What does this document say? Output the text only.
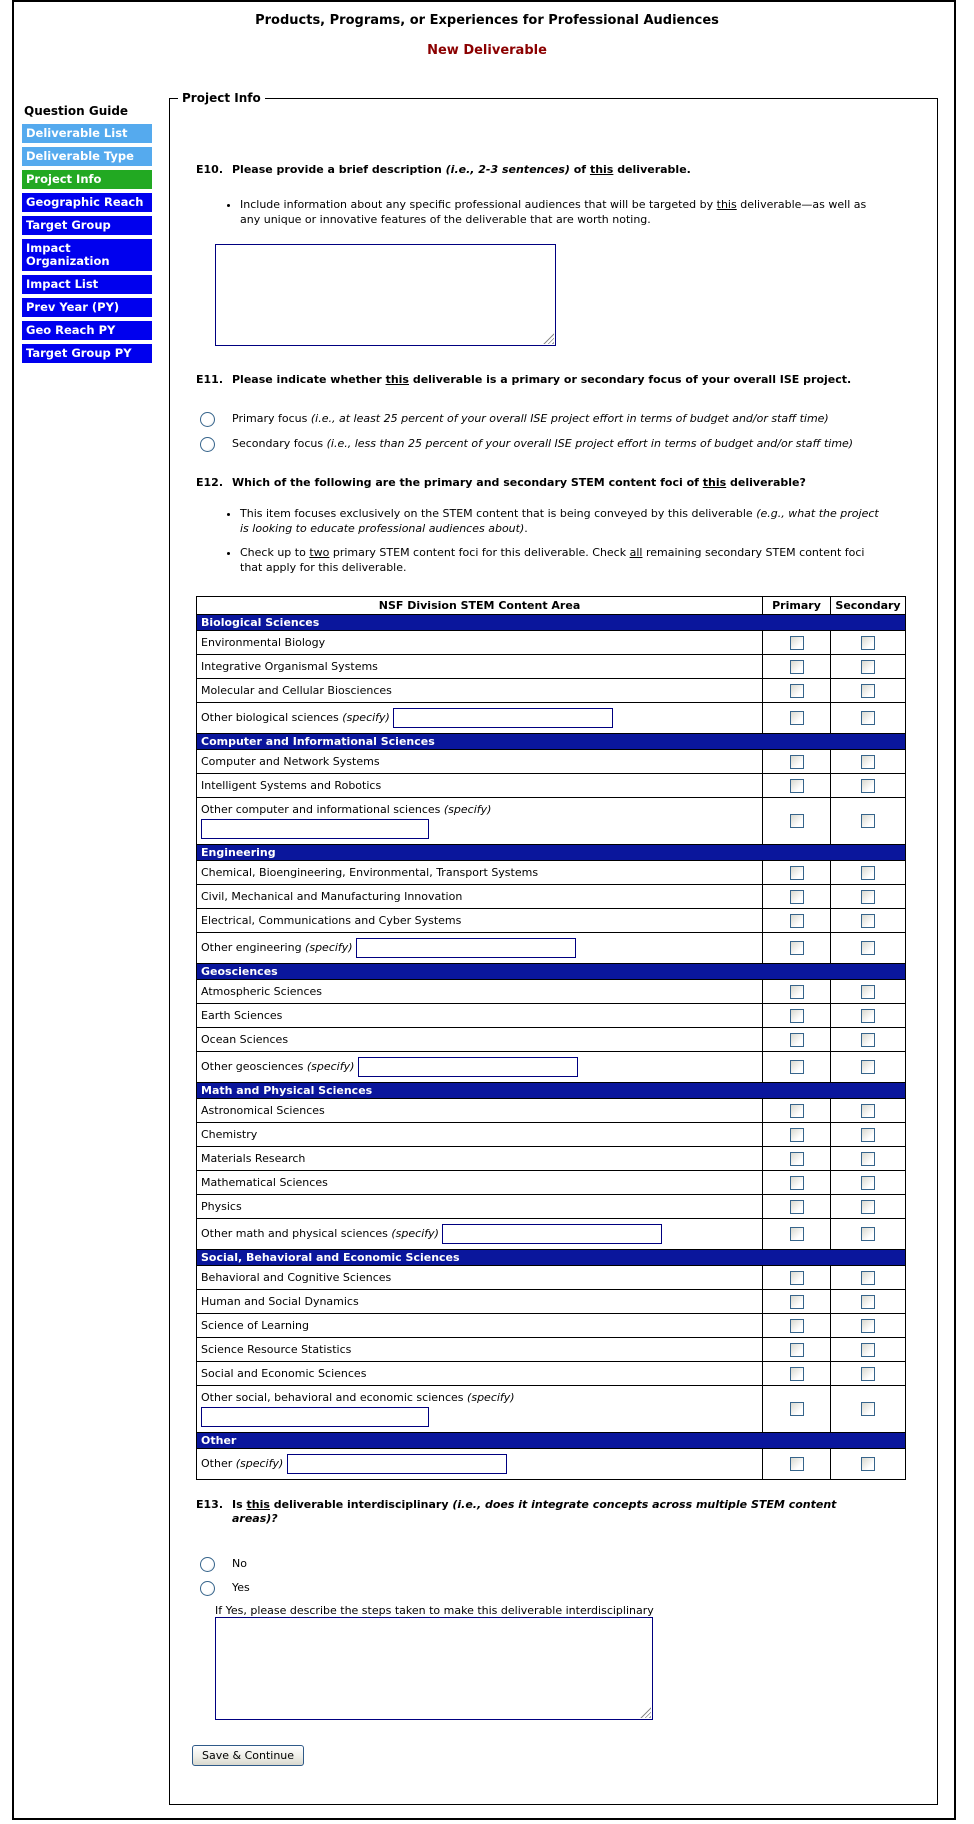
Products, Programs, or Experiences for Professional Audiences
New Deliverable
Question Guide
Deliverable List
Deliverable Type
Project Info
Geographic Reach
Target Group
Impact Organization
Impact List
Prev Year (PY)
Geo Reach PY
Target Group PY
Project Info
E10. Please provide a brief description (i.e., 2-3 sentences) of this deliverable.
• Include information about any specific professional audiences that will be targeted by this deliverable—as well as any unique or innovative features of the deliverable that are worth noting.
E11. Please indicate whether this deliverable is a primary or secondary focus of your overall ISE project.
Primary focus (i.e., at least 25 percent of your overall ISE project effort in terms of budget and/or staff time)
Secondary focus (i.e., less than 25 percent of your overall ISE project effort in terms of budget and/or staff time)
E12. Which of the following are the primary and secondary STEM content foci of this deliverable?
• This item focuses exclusively on the STEM content that is being conveyed by this deliverable (e.g., what the project is looking to educate professional audiences about).
• Check up to two primary STEM content foci for this deliverable. Check all remaining secondary STEM content foci that apply for this deliverable.
NSF Division STEM Content Area	Primary	Secondary
Biological Sciences		
Environmental Biology		
Integrative Organismal Systems		
Molecular and Cellular Biosciences		
Other biological sciences (specify)		
Computer and Informational Sciences		
Computer and Network Systems		
Intelligent Systems and Robotics		
Other computer and informational sciences (specify)

Engineering		
Chemical, Bioengineering, Environmental, Transport Systems		
Civil, Mechanical and Manufacturing Innovation		
Electrical, Communications and Cyber Systems		
Other engineering (specify)		
Geosciences		
Atmospheric Sciences		
Earth Sciences		
Ocean Sciences		
Other geosciences (specify)		
Math and Physical Sciences		
Astronomical Sciences		
Chemistry		
Materials Research		
Mathematical Sciences		
Physics		
Other math and physical sciences (specify)		
Social, Behavioral and Economic Sciences		
Behavioral and Cognitive Sciences		
Human and Social Dynamics		
Science of Learning		
Science Resource Statistics		
Social and Economic Sciences		
Other social, behavioral and economic sciences (specify)

Other		
Other (specify)		
E13. Is this deliverable interdisciplinary (i.e., does it integrate concepts across multiple STEM content areas)?
No
Yes
If Yes, please describe the steps taken to make this deliverable interdisciplinary
Save & Continue
